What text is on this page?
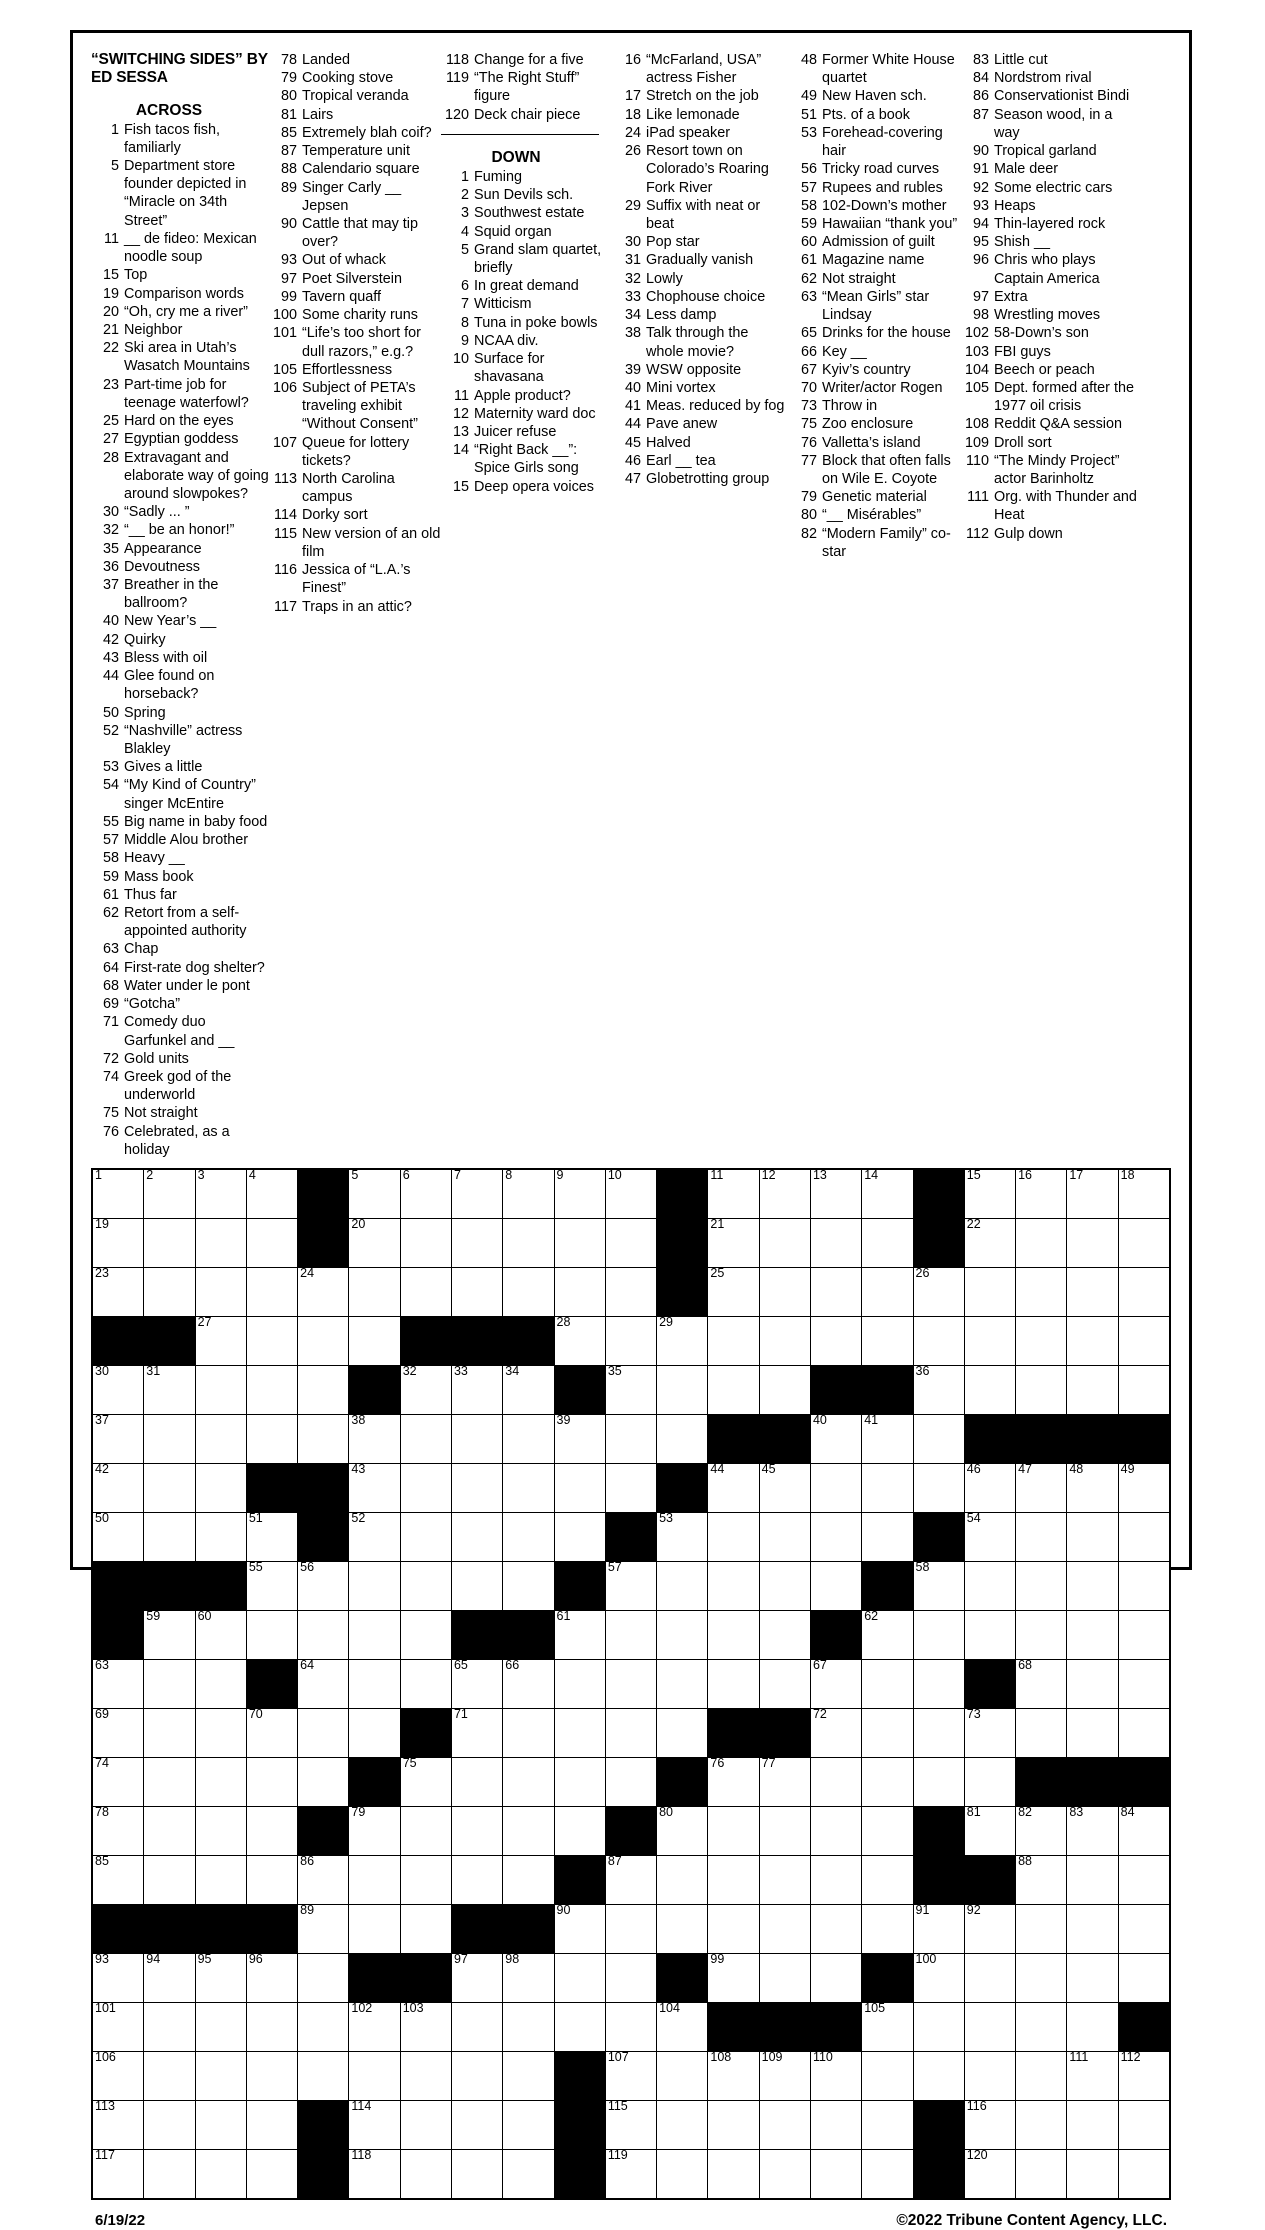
“SWITCHING SIDES” BY ED SESSA
ACROSS
1 Fish tacos fish, familiarly
5 Department store founder depicted in “Miracle on 34th Street”
11 __ de fideo: Mexican noodle soup
15 Top
19 Comparison words
20 “Oh, cry me a river”
21 Neighbor
22 Ski area in Utah’s Wasatch Mountains
23 Part-time job for teenage waterfowl?
25 Hard on the eyes
27 Egyptian goddess
28 Extravagant and elaborate way of going around slowpokes?
30 “Sadly ... ”
32 “__ be an honor!”
35 Appearance
36 Devoutness
37 Breather in the ballroom?
40 New Year’s __
42 Quirky
43 Bless with oil
44 Glee found on horseback?
50 Spring
52 “Nashville” actress Blakley
53 Gives a little
54 “My Kind of Country” singer McEntire
55 Big name in baby food
57 Middle Alou brother
58 Heavy __
59 Mass book
61 Thus far
62 Retort from a self-appointed authority
63 Chap
64 First-rate dog shelter?
68 Water under le pont
69 “Gotcha”
71 Comedy duo Garfunkel and __
72 Gold units
74 Greek god of the underworld
75 Not straight
76 Celebrated, as a holiday
78 Landed
79 Cooking stove
80 Tropical veranda
81 Lairs
85 Extremely blah coif?
87 Temperature unit
88 Calendario square
89 Singer Carly __ Jepsen
90 Cattle that may tip over?
93 Out of whack
97 Poet Silverstein
99 Tavern quaff
100 Some charity runs
101 “Life’s too short for dull razors,” e.g.?
105 Effortlessness
106 Subject of PETA’s traveling exhibit “Without Consent”
107 Queue for lottery tickets?
113 North Carolina campus
114 Dorky sort
115 New version of an old film
116 Jessica of “L.A.’s Finest”
117 Traps in an attic?
118 Change for a five
119 “The Right Stuff” figure
120 Deck chair piece
DOWN
1 Fuming
2 Sun Devils sch.
3 Southwest estate
4 Squid organ
5 Grand slam quartet, briefly
6 In great demand
7 Witticism
8 Tuna in poke bowls
9 NCAA div.
10 Surface for shavasana
11 Apple product?
12 Maternity ward doc
13 Juicer refuse
14 “Right Back __”: Spice Girls song
15 Deep opera voices
16 “McFarland, USA” actress Fisher
17 Stretch on the job
18 Like lemonade
24 iPad speaker
26 Resort town on Colorado’s Roaring Fork River
29 Suffix with neat or beat
30 Pop star
31 Gradually vanish
32 Lowly
33 Chophouse choice
34 Less damp
38 Talk through the whole movie?
39 WSW opposite
40 Mini vortex
41 Meas. reduced by fog
44 Pave anew
45 Halved
46 Earl __ tea
47 Globetrotting group
48 Former White House quartet
49 New Haven sch.
51 Pts. of a book
53 Forehead-covering hair
56 Tricky road curves
57 Rupees and rubles
58 102-Down’s mother
59 Hawaiian “thank you”
60 Admission of guilt
61 Magazine name
62 Not straight
63 “Mean Girls” star Lindsay
65 Drinks for the house
66 Key __
67 Kyiv’s country
70 Writer/actor Rogen
73 Throw in
75 Zoo enclosure
76 Valletta’s island
77 Block that often falls on Wile E. Coyote
79 Genetic material
80 “__ Misérables”
82 “Modern Family” co-star
83 Little cut
84 Nordstrom rival
86 Conservationist Bindi
87 Season wood, in a way
90 Tropical garland
91 Male deer
92 Some electric cars
93 Heaps
94 Thin-layered rock
95 Shish __
96 Chris who plays Captain America
97 Extra
98 Wrestling moves
102 58-Down’s son
103 FBI guys
104 Beech or peach
105 Dept. formed after the 1977 oil crisis
108 Reddit Q&A session
109 Droll sort
110 “The Mindy Project” actor Barinholtz
111 Org. with Thunder and Heat
112 Gulp down
1	2	3	4		5	6	7	8	9	10		11	12	13	14		15	16	17	18

19					20							21					22			

23				24								25				26				

		27							28		29									

30	31					32	33	34		35						36				

37					38				39					40	41					

42					43							44	45				46	47	48	49

50			51		52						53						54			

			55	56						57						58				

	59	60							61						62					

63				64			65	66						67				68		

69			70				71							72			73			

74						75						76	77							

78					79						80						81	82	83	84

85				86						87								88		

				89					90							91	92			

93	94	95	96				97	98				99				100				

101					102	103					104				105					

106										107		108	109	110					111	112

113					114					115							116			

117					118					119							120			

6/19/22	©2022 Tribune Content Agency, LLC.
